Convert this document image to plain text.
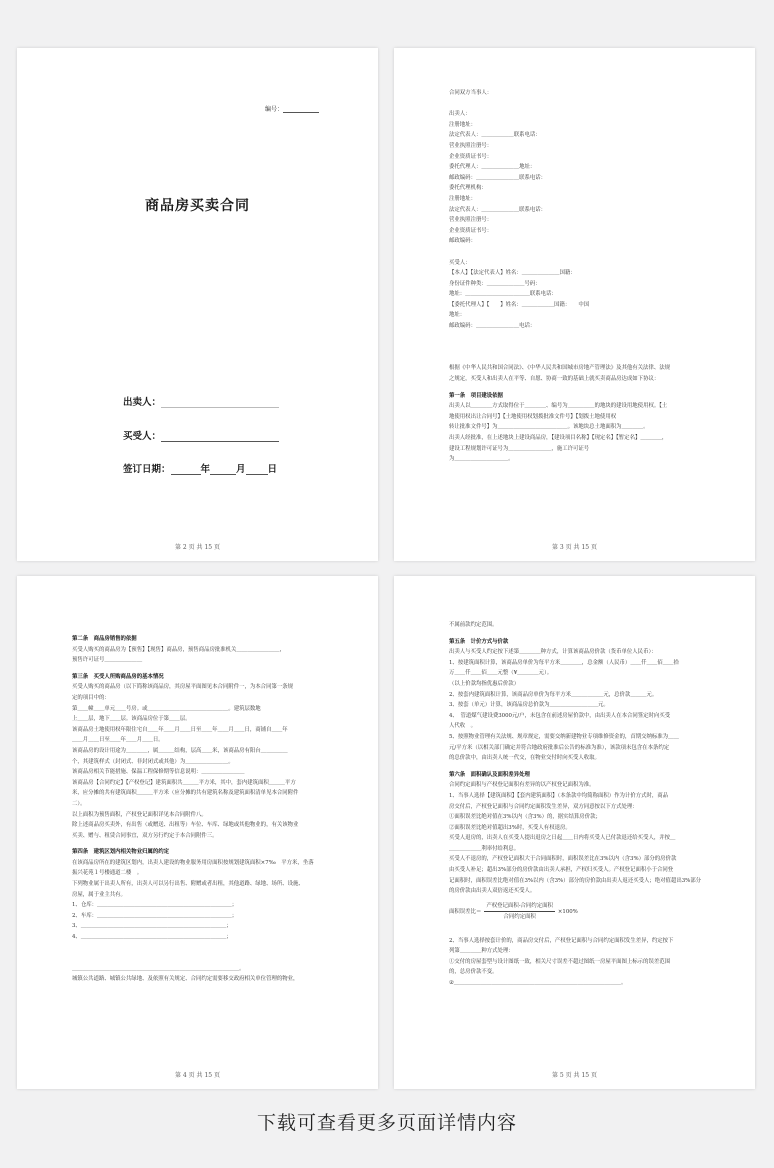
编号：
商品房买卖合同
出卖人：
买受人：
签订日期：	年	月 日
第 2 页 共 15 页
合同双方当事人：

出卖人：
注册地址：
法定代表人：＿＿＿＿＿＿联系电话：
营业执照注册号：
企业资质证书号：
委托代理人：＿＿＿＿＿＿＿地址：
邮政编码：＿＿＿＿＿＿＿＿联系电话：
委托代理机构：
注册地址：
法定代表人：＿＿＿＿＿＿＿联系电话：
营业执照注册号：
企业资质证书号：
邮政编码：

买受人：
【本人】【法定代表人】姓名：＿＿＿＿＿＿＿国籍：
身份证件种类：＿＿＿＿＿＿＿号码：
地址：＿＿＿＿＿＿＿＿＿＿＿＿联系电话：
【委托代理人】【　　】姓名：＿＿＿＿＿＿国籍：　　中国
地址：
邮政编码：＿＿＿＿＿＿＿＿电话：

根据《中华人民共和国合同法》、《中华人民共和国城市房地产管理法》及其他有关法律、法规
之规定，买受人和出卖人在平等、自愿、协商一致的基础上就买卖商品房达成如下协议：
第一条　项目建设依据
出卖人以＿＿＿＿方式取得位于＿＿＿＿、编号为＿＿＿＿＿的地块的建设用地使用权。【土
地使用权出让合同号】【土地使用权划拨批准文件号】【划拨土地使用权
转让批准文件号】为＿＿＿＿＿＿＿＿＿＿＿＿＿。该地块总土地面积为＿＿＿＿。
出卖人经批准，在上述地块上建设商品房，【建设项目名称】【现定名】【暂定名】＿＿＿＿，
建设工程规划许可证号为＿＿＿＿＿＿＿＿，施工许可证号
为＿＿＿＿＿＿＿＿＿＿。
第 3 页 共 15 页
第二条　商品房销售的依据
买受人购买的商品房为【预售】【现售】商品房，预售商品房批准机关＿＿＿＿＿＿＿＿，
预售许可证号＿＿＿＿＿＿＿
第三条　买受人所购商品房的基本情况
买受人购买的商品房（以下简称该商品房，其房屋平面图见本合同附件一，为本合同第一条规
定的项目中的：
第＿＿幢＿＿单元＿＿号房。或＿＿＿＿＿＿＿＿＿＿＿＿＿＿＿。建筑层数地
上＿＿层，地下＿＿层。该商品房位于第＿＿层。
该商品房土地使用权年限住宅自＿＿年＿＿月＿＿日至＿＿年＿＿月＿＿日，商铺自＿＿年
＿＿月＿＿日至＿＿年＿＿月＿＿日。
该商品房的设计用途为＿＿＿＿，属＿＿＿结构，层高＿＿米，该商品房有阳台＿＿＿＿＿
个，其建筑样式（封闭式、非封闭式或其他）为＿＿＿＿＿＿＿＿。
该商品房相关节能措施、保温工程保修期等信息说明：＿＿＿＿＿＿＿＿
该商品房【合同约定】【产权登记】建筑面积共＿＿＿平方米，其中，套内建筑面积＿＿＿平方
米，应分摊的共有建筑面积＿＿＿平方米（应分摊的共有建筑名称及建筑面积清单见本合同附件
二）。
以上面积为预售面积，产权登记面积详见本合同附件八。
除上述商品房买卖外，有出售（或赠送、出租等）车位、车库、绿地或其他物业的，有关该物业
买卖、赠与、租赁合同事宜，双方另行约定于本合同附件三。
第四条　建筑区划内相关物业归属的约定
在该商品房所在的建筑区划内，出卖人建设的物业服务用房面积按规划建筑面积×7‰　平方米，坐落
振兴花苑１号楼通道二楼　。
下列物业属于出卖人所有，出卖人可以另行出售、附赠或者出租，其他道路、绿地、场所、设施、
房屋，属于业主共有。
1、仓库：＿＿＿＿＿＿＿＿＿＿＿＿＿＿＿＿＿＿＿＿＿＿＿＿＿；
2、车库：＿＿＿＿＿＿＿＿＿＿＿＿＿＿＿＿＿＿＿＿＿＿＿＿＿；
3、＿＿＿＿＿＿＿＿＿＿＿＿＿＿＿＿＿＿＿＿＿＿＿＿＿＿＿；
4、＿＿＿＿＿＿＿＿＿＿＿＿＿＿＿＿＿＿＿＿＿＿＿＿＿＿＿；

＿＿＿＿＿＿＿＿＿＿＿＿＿＿＿＿＿＿＿＿＿＿＿＿＿＿＿＿＿＿＿。
城镇公共道路、城镇公共绿地、及依照有关规定、合同约定需要移交政府相关单位管理的物业，
第 4 页 共 15 页
不属前款约定范围。
第五条　计价方式与价款
出卖人与买受人约定按下述第＿＿＿＿种方式，计算该商品房价款（货币单位人民币）：
1、按建筑面积计算，该商品房单价为每平方米＿＿＿＿，总金额（人民币）＿＿仟＿＿佰＿＿拾
万＿＿仟＿＿佰＿＿元整（¥＿＿＿＿元）。
（以上价款均指优惠后价款）
2、按套内建筑面积计算，该商品房单价为每平方米＿＿＿＿＿＿元，总价款＿＿＿元。
3、按套（单元）计算，该商品房总价款为＿＿＿＿＿＿＿＿＿元。
4、　管道煤气建设费3000元/户，未包含在前述房屋价款中，由出卖人在本合同签定时向买受
人代收　。
5、按照物业管理有关法规、规章规定，需要交纳新建物业专项维修资金的，首期交纳标准为＿＿
元/平方米（以相关部门确定并符合地政府批准后公告的标准为准），该款项未包含在本条约定
的总价款中，由出卖人统一代交，在物业交付时向买受人收取。
第六条　面积确认及面积差异处理
合同约定面积与产权登记面积有差异的以产权登记面积为准。
1、当事人选择【建筑面积】【套内建筑面积】（本条款中均简称面积）作为计价方式时，商品
房交付后，产权登记面积与合同约定面积发生差异，双方同意按以下方式处理：
①面积误差比绝对值在3%以内（含3%）的，据实结算房价款；
②面积误差比绝对值超出3%时，买受人有权退房。
买受人退房的，出卖人在买受人提出退房之日起＿＿日内将买受人已付款退还给买受人，并按＿
＿＿＿＿＿＿利率付给利息。
买受人不退房的，产权登记面积大于合同面积时，面积误差比在3%以内（含3%）部分的房价款
由买受人补足；超出3%部分的房价款由出卖人承担，产权归买受人。产权登记面积小于合同登
记面积时，面积误差比绝对值在3%以内（含3%）部分的房价款由出卖人返还买受人；绝对值超出3%部分
的房价款由出卖人双倍返还买受人。
面积误差比＝ $\frac{\text{产权登记面积-合同约定面积}}{\text{合同约定面积}} \times 100\%$

2、当事人选择按套计价的，商品房交付后，产权登记面积与合同约定面积发生差异，约定按下
列第＿＿＿＿种方式处理：
①交付的房屋套型与设计图纸一致，相关尺寸误差不超过图纸一房屋平面图上标示的误差范围
的，总房价款不变。
②＿＿＿＿＿＿＿＿＿＿＿＿＿＿＿＿＿＿＿＿＿＿＿＿＿＿＿＿＿＿＿。
第 5 页 共 15 页
下载可查看更多页面详情内容
